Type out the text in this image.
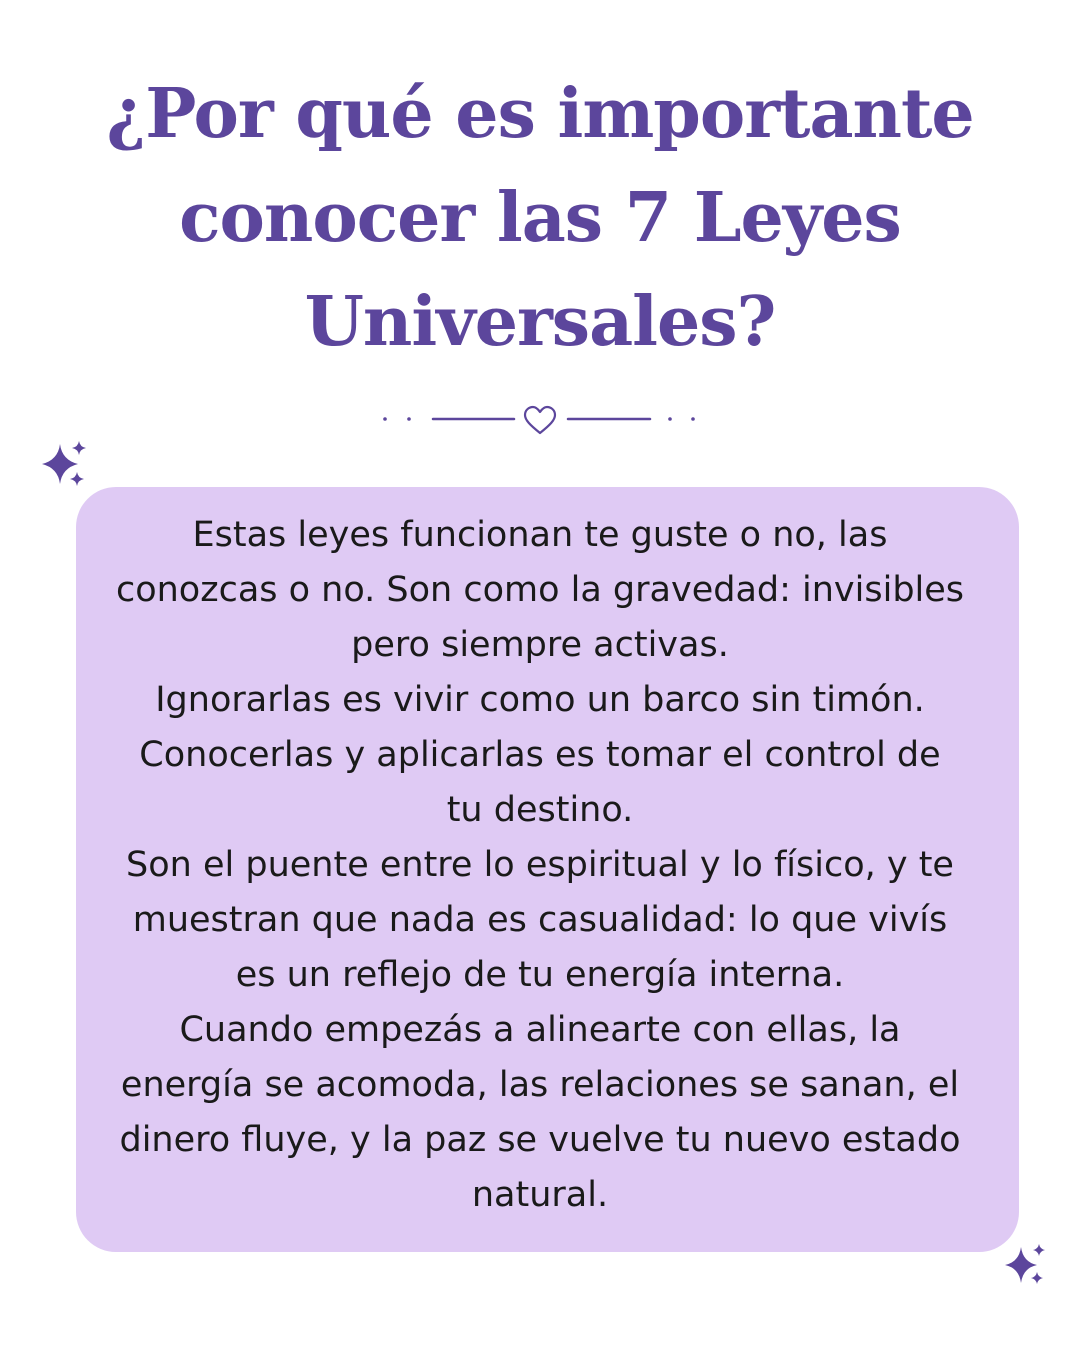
¿Por qué es importante
conocer las 7 Leyes
Universales?
Estas leyes funcionan te guste o no, las
conozcas o no. Son como la gravedad: invisibles
pero siempre activas.
Ignorarlas es vivir como un barco sin timón.
Conocerlas y aplicarlas es tomar el control de
tu destino.
Son el puente entre lo espiritual y lo físico, y te
muestran que nada es casualidad: lo que vivís
es un reflejo de tu energía interna.
Cuando empezás a alinearte con ellas, la
energía se acomoda, las relaciones se sanan, el
dinero fluye, y la paz se vuelve tu nuevo estado
natural.
